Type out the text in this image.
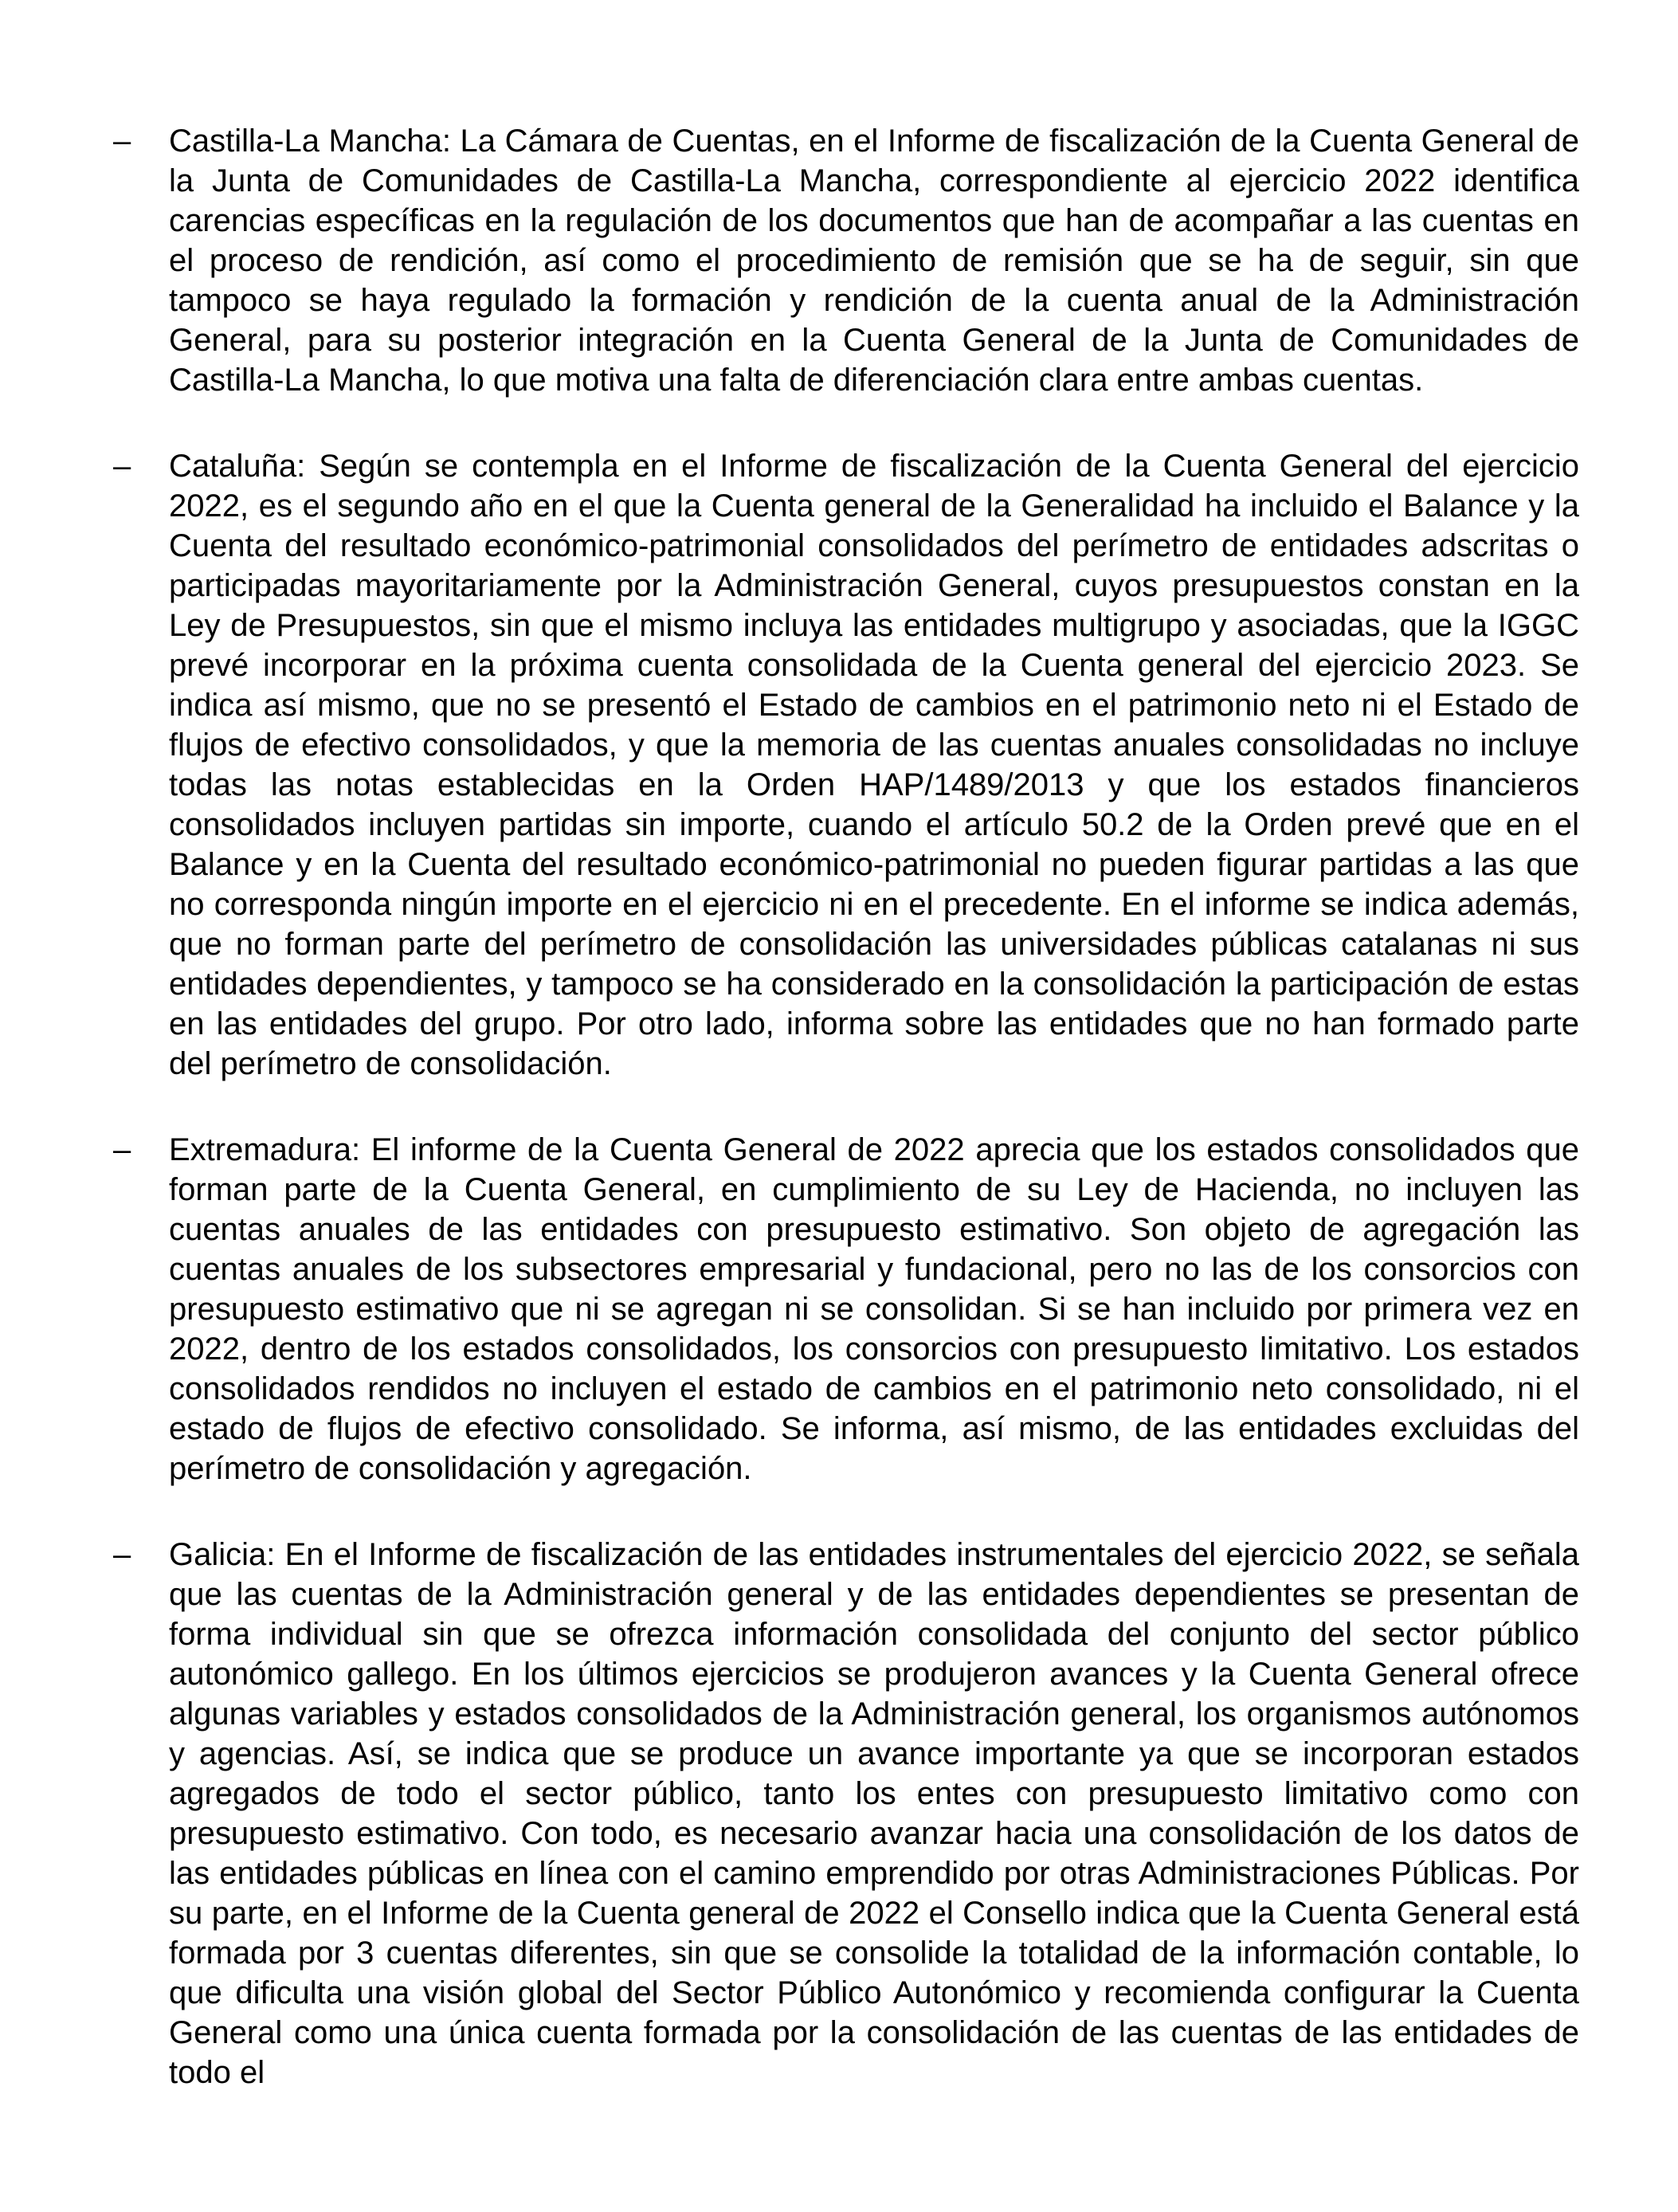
–	Castilla-La Mancha: La Cámara de Cuentas, en el Informe de fiscalización de la Cuenta General de la Junta de Comunidades de Castilla-La Mancha, correspondiente al ejercicio 2022 identifica carencias específicas en la regulación de los documentos que han de acompañar a las cuentas en el proceso de rendición, así como el procedimiento de remisión que se ha de seguir, sin que tampoco se haya regulado la formación y rendición de la cuenta anual de la Administración General, para su posterior integración en la Cuenta General de la Junta de Comunidades de Castilla-La Mancha, lo que motiva una falta de diferenciación clara entre ambas cuentas.

–	Cataluña: Según se contempla en el Informe de fiscalización de la Cuenta General del ejercicio 2022, es el segundo año en el que la Cuenta general de la Generalidad ha incluido el Balance y la Cuenta del resultado económico-patrimonial consolidados del perímetro de entidades adscritas o participadas mayoritariamente por la Administración General, cuyos presupuestos constan en la Ley de Presupuestos, sin que el mismo incluya las entidades multigrupo y asociadas, que la IGGC prevé incorporar en la próxima cuenta consolidada de la Cuenta general del ejercicio 2023. Se indica así mismo, que no se presentó el Estado de cambios en el patrimonio neto ni el Estado de flujos de efectivo consolidados, y que la memoria de las cuentas anuales consolidadas no incluye todas las notas establecidas en la Orden HAP/1489/2013 y que los estados financieros consolidados incluyen partidas sin importe, cuando el artículo 50.2 de la Orden prevé que en el Balance y en la Cuenta del resultado económico-patrimonial no pueden figurar partidas a las que no corresponda ningún importe en el ejercicio ni en el precedente. En el informe se indica además, que no forman parte del perímetro de consolidación las universidades públicas catalanas ni sus entidades dependientes, y tampoco se ha considerado en la consolidación la participación de estas en las entidades del grupo. Por otro lado, informa sobre las entidades que no han formado parte del perímetro de consolidación.

–	Extremadura: El informe de la Cuenta General de 2022 aprecia que los estados consolidados que forman parte de la Cuenta General, en cumplimiento de su Ley de Hacienda, no incluyen las cuentas anuales de las entidades con presupuesto estimativo. Son objeto de agregación las cuentas anuales de los subsectores empresarial y fundacional, pero no las de los consorcios con presupuesto estimativo que ni se agregan ni se consolidan. Si se han incluido por primera vez en 2022, dentro de los estados consolidados, los consorcios con presupuesto limitativo. Los estados consolidados rendidos no incluyen el estado de cambios en el patrimonio neto consolidado, ni el estado de flujos de efectivo consolidado. Se informa, así mismo, de las entidades excluidas del perímetro de consolidación y agregación.

–	Galicia: En el Informe de fiscalización de las entidades instrumentales del ejercicio 2022, se señala que las cuentas de la Administración general y de las entidades dependientes se presentan de forma individual sin que se ofrezca información consolidada del conjunto del sector público autonómico gallego. En los últimos ejercicios se produjeron avances y la Cuenta General ofrece algunas variables y estados consolidados de la Administración general, los organismos autónomos y agencias. Así, se indica que se produce un avance importante ya que se incorporan estados agregados de todo el sector público, tanto los entes con presupuesto limitativo como con presupuesto estimativo. Con todo, es necesario avanzar hacia una consolidación de los datos de las entidades públicas en línea con el camino emprendido por otras Administraciones Públicas. Por su parte, en el Informe de la Cuenta general de 2022 el Consello indica que la Cuenta General está formada por 3 cuentas diferentes, sin que se consolide la totalidad de la información contable, lo que dificulta una visión global del Sector Público Autonómico y recomienda configurar la Cuenta General como una única cuenta formada por la consolidación de las cuentas de las entidades de todo el
